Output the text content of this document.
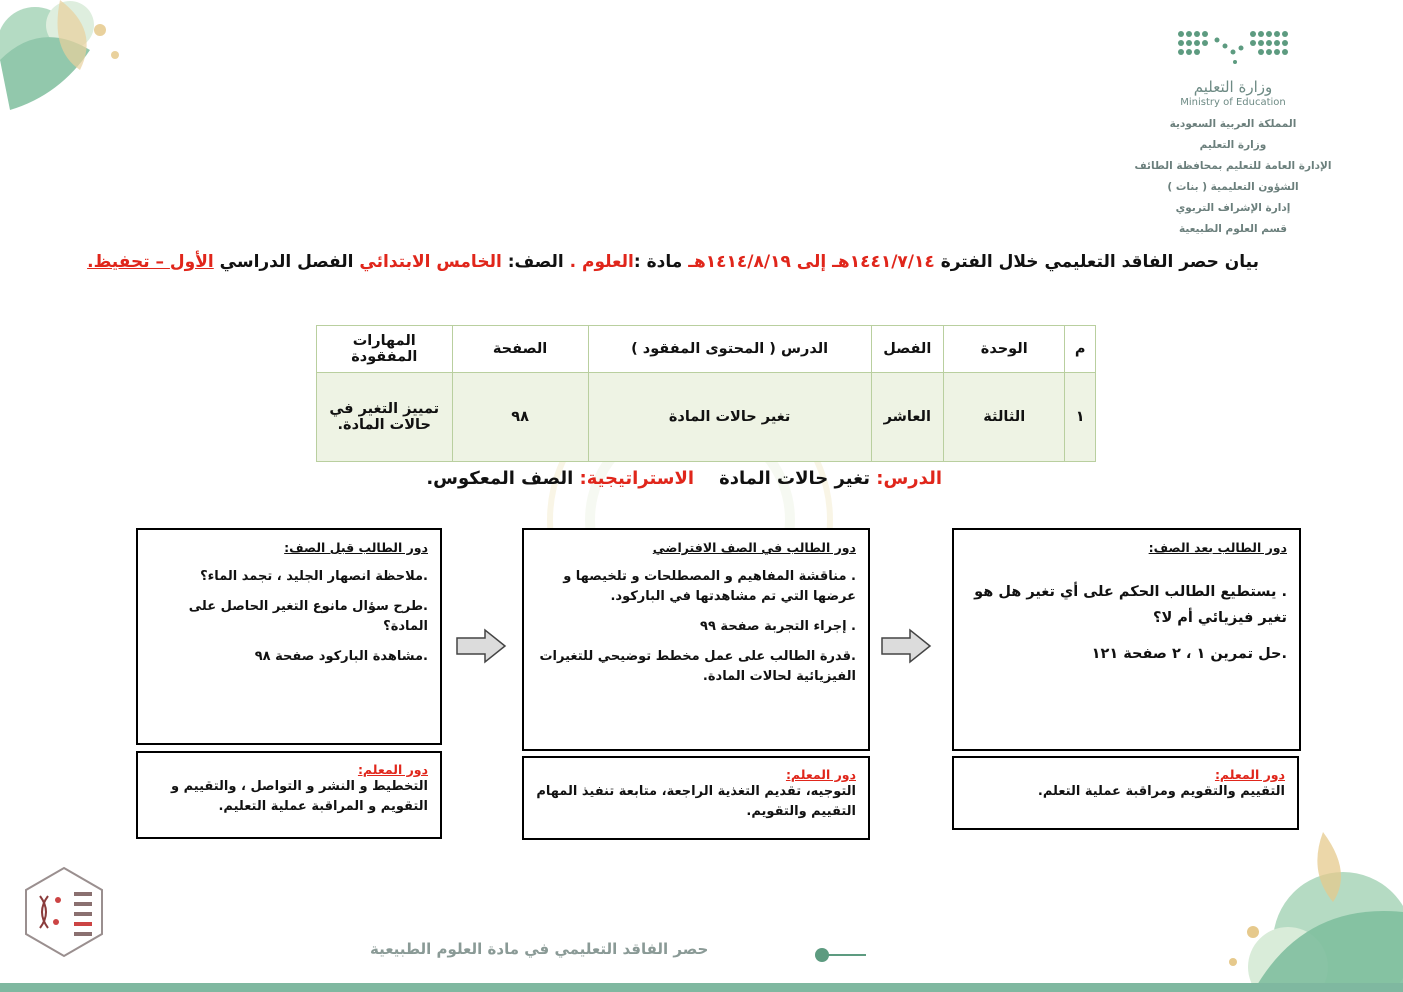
وزارة التعليم
Ministry of Education
المملكة العربية السعودية
وزارة التعليم
الإدارة العامة للتعليم بمحافظة الطائف
الشؤون التعليمية ( بنات )
إدارة الإشراف التربوي
قسم العلوم الطبيعية
بيان حصر الفاقد التعليمي خلال الفترة ١٤٤١/٧/١٤هـ إلى ١٤١٤/٨/١٩هـ مادة :العلوم . الصف: الخامس الابتدائي الفصل الدراسي الأول – تحفيظ.
م	الوحدة	الفصل	الدرس ( المحتوى المفقود )	الصفحة	المهارات المفقودة
١	الثالثة	العاشر	تغير حالات المادة	٩٨	تمييز التغير في حالات المادة.
الدرس: تغير حالات المادة    الاستراتيجية: الصف المعكوس.
دور الطالب قبل الصف:
.ملاحظة انصهار الجليد ، تجمد الماء؟
.طرح سؤال مانوع التغير الحاصل على المادة؟
.مشاهدة الباركود صفحة ٩٨
دور المعلم:
التخطيط و النشر و التواصل ، والتقييم و التقويم و المراقبة عملية التعليم.
دور الطالب في الصف الافتراضي
. مناقشة المفاهيم و المصطلحات و تلخيصها و عرضها التي تم مشاهدتها في الباركود.
. إجراء التجربة صفحة ٩٩
.قدرة الطالب على عمل مخطط توضيحي للتغيرات الفيزيائية لحالات المادة.
دور المعلم:
التوجيه، تقديم التغذية الراجعة، متابعة تنفيذ المهام التقييم والتقويم.
دور الطالب بعد الصف:
. يستطيع الطالب الحكم على أي تغير هل هو تغير فيزيائي أم لا؟
.حل تمرين ١ ، ٢ صفحة ١٢١
دور المعلم:
التقييم والتقويم ومراقبة عملية التعلم.
حصر الفاقد التعليمي في مادة العلوم الطبيعية
